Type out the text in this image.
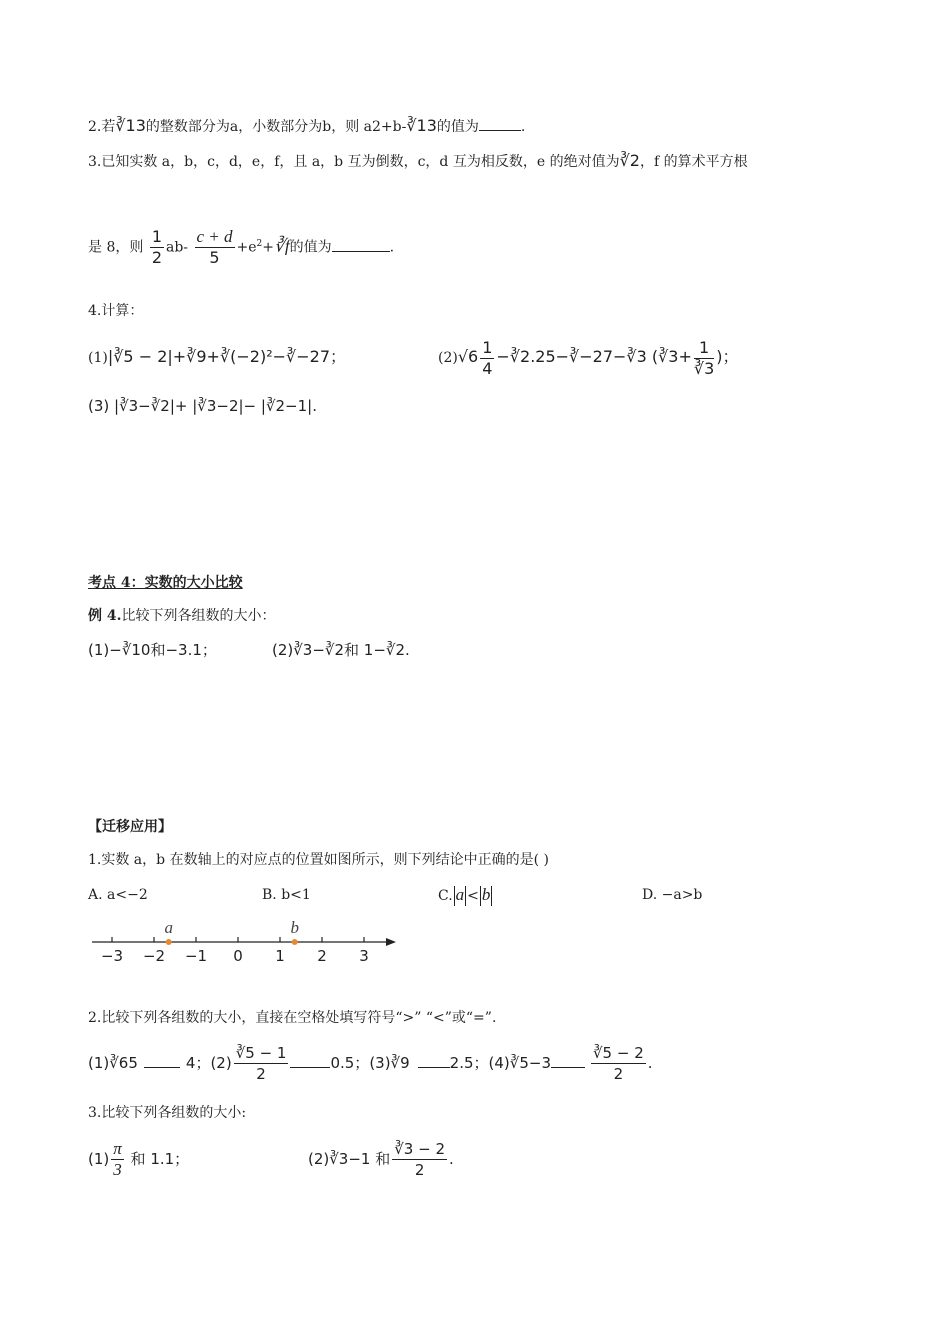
2.若∛13的整数部分为a，小数部分为b，则 a2+b-∛13的值为	.
3.已知实数 a，b，c，d，e，f，且 a，b 互为倒数，c，d 互为相反数，e 的绝对值为∛2，f 的算术平方根
是 8，则 $\frac{1}{2} ab- \frac{c + d}{5}$ $+e^2+∛f$的值为	.
4.计算：
(1)|∛5 − 2|+∛9+∛(−2)²−∛−27；	$(2)√6 \frac{1}{4}$ −∛2.25−∛−27−∛3 (∛3+ $\frac{1}{∛3}$ )；
(3) |∛3−∛2|+ |∛3−2|− |∛2−1|.
考点 4：实数的大小比较
例 4.比较下列各组数的大小：
(1)−∛10和−3.1；	(2)∛3−∛2和 1−∛2.
【迁移应用】
1.实数 a，b 在数轴上的对应点的位置如图所示，则下列结论中正确的是( )
A. a<−2	B. b<1	C. a < b	D. −a>b
−3 −2 −1 0 1 2 3
a	b
2.比较下列各组数的大小，直接在空格处填写符号“>” “<”或“=”.
(1)∛65	4；$(2) \frac{∛5 - 1}{2}$	0.5；(3)∛9	2.5；(4)∛5−3	$\frac{∛5 - 2}{2}$ .
3.比较下列各组数的大小:
$(1) \frac{\pi}{3}$ 和 1.1；	(2)∛3−1 和 $\frac{∛3 - 2}{2}$ .
